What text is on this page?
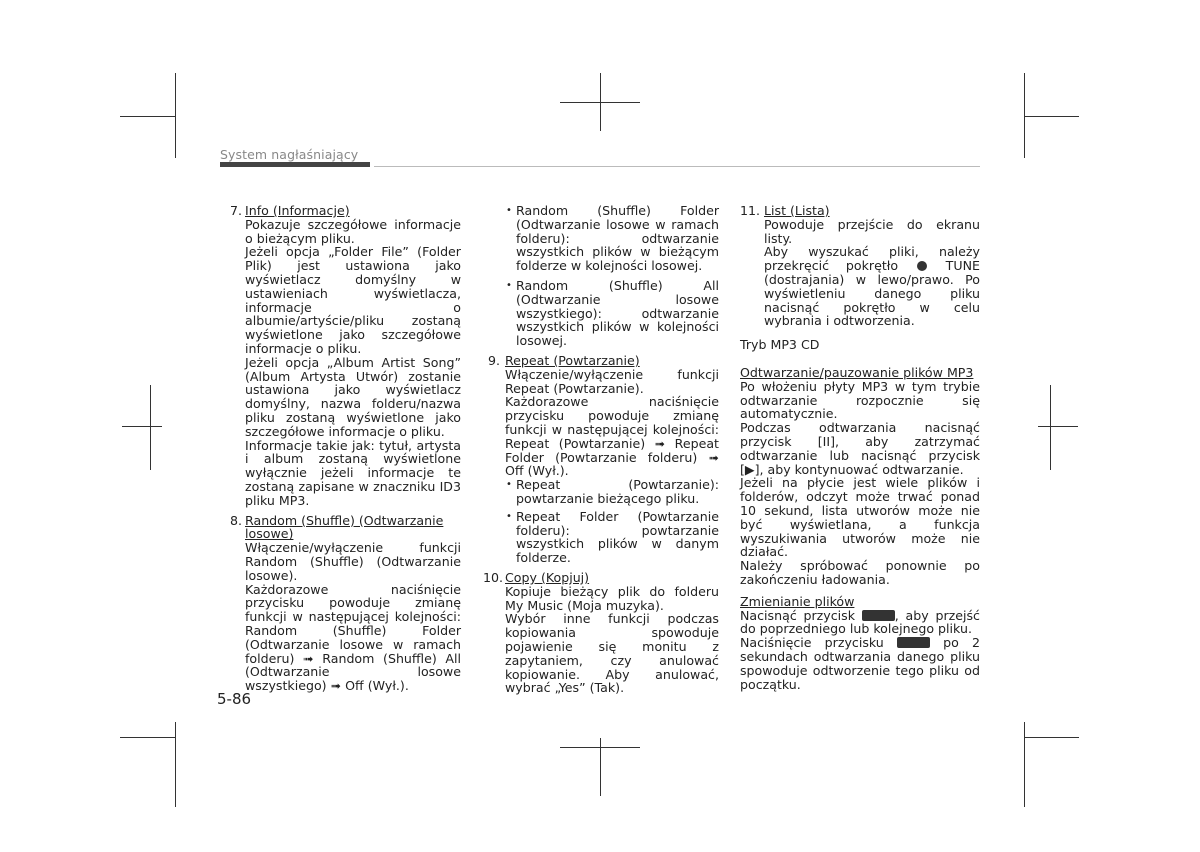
System nagłaśniający
7. Info (Informacje)
Pokazuje szczegółowe informacje o bieżącym pliku.
Jeżeli opcja „Folder File” (Folder Plik) jest ustawiona jako wyświetlacz domyślny w ustawieniach wyświetlacza, informacje o albumie/artyście/pliku zostaną wyświetlone jako szczegółowe informacje o pliku.
Jeżeli opcja „Album Artist Song” (Album Artysta Utwór) zostanie ustawiona jako wyświetlacz domyślny, nazwa folderu/nazwa pliku zostaną wyświetlone jako szczegółowe informacje o pliku.
Informacje takie jak: tytuł, artysta i album zostaną wyświetlone wyłącznie jeżeli informacje te zostaną zapisane w znaczniku ID3 pliku MP3.
8. Random (Shuffle) (Odtwarzanie losowe)
Włączenie/wyłączenie funkcji Random (Shuffle) (Odtwarzanie losowe).
Każdorazowe naciśnięcie przycisku powoduje zmianę funkcji w następującej kolejności: Random (Shuffle) Folder (Odtwarzanie losowe w ramach folderu) ➟ Random (Shuffle) All (Odtwarzanie losowe wszystkiego) ➟ Off (Wył.).
• Random (Shuffle) Folder (Odtwarzanie losowe w ramach folderu): odtwarzanie wszystkich plików w bieżącym folderze w kolejności losowej.
• Random (Shuffle) All (Odtwarzanie losowe wszystkiego): odtwarzanie wszystkich plików w kolejności losowej.
9. Repeat (Powtarzanie)
Włączenie/wyłączenie funkcji Repeat (Powtarzanie).
Każdorazowe naciśnięcie przycisku powoduje zmianę funkcji w następującej kolejności: Repeat (Powtarzanie) ➟ Repeat Folder (Powtarzanie folderu) ➟ Off (Wył.).
• Repeat (Powtarzanie): powtarzanie bieżącego pliku.
• Repeat Folder (Powtarzanie folderu): powtarzanie wszystkich plików w danym folderze.
10. Copy (Kopjuj)
Kopiuje bieżący plik do folderu My Music (Moja muzyka).
Wybór inne funkcji podczas kopiowania spowoduje pojawienie się monitu z zapytaniem, czy anulować kopiowanie. Aby anulować, wybrać „Yes” (Tak).
11. List (Lista)
Powoduje przejście do ekranu listy.
Aby wyszukać pliki, należy przekręcić pokrętło	TUNE (dostrajania) w lewo/prawo. Po wyświetleniu danego pliku nacisnąć pokrętło w celu wybrania i odtworzenia.
Tryb MP3 CD
Odtwarzanie/pauzowanie plików MP3
Po włożeniu płyty MP3 w tym trybie odtwarzanie rozpocznie się automatycznie.
Podczas odtwarzania nacisnąć przycisk [II], aby zatrzymać odtwarzanie lub nacisnąć przycisk [▶], aby kontynuować odtwarzanie.
Jeżeli na płycie jest wiele plików i folderów, odczyt może trwać ponad 10 sekund, lista utworów może nie być wyświetlana, a funkcja wyszukiwania utworów może nie działać.
Należy spróbować ponownie po zakończeniu ładowania.
Zmienianie plików
Nacisnąć przycisk	, aby przejść do poprzedniego lub kolejnego pliku.
Naciśnięcie przycisku	po 2 sekundach odtwarzania danego pliku spowoduje odtworzenie tego pliku od początku.
5-86
